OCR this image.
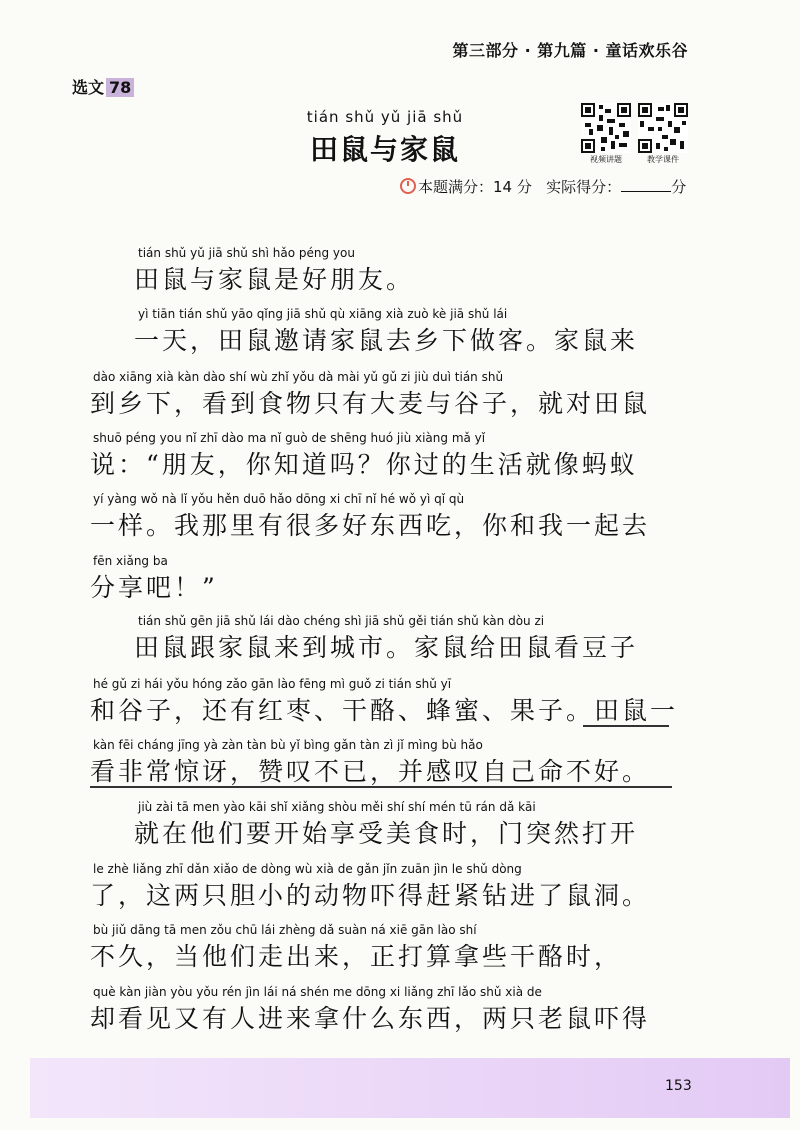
第三部分 · 第九篇 · 童话欢乐谷
选文 78
tián shǔ yǔ jiā shǔ
田鼠与家鼠	视频讲题	教学课件
本题满分：14 分 实际得分：	分
tián shǔ yǔ jiā shǔ shì hǎo péng you
田鼠与家鼠是好朋友。
yì tiān tián shǔ yāo qǐng jiā shǔ qù xiāng xià zuò kè jiā shǔ lái
一天，田鼠邀请家鼠去乡下做客。家鼠来
dào xiāng xià kàn dào shí wù zhǐ yǒu dà mài yǔ gǔ zi jiù duì tián shǔ
到乡下，看到食物只有大麦与谷子，就对田鼠
shuō péng you nǐ zhī dào ma nǐ guò de shēng huó jiù xiàng mǎ yǐ
说：“朋友，你知道吗？你过的生活就像蚂蚁
yí yàng wǒ nà lǐ yǒu hěn duō hǎo dōng xi chī nǐ hé wǒ yì qǐ qù
一样。我那里有很多好东西吃，你和我一起去
fēn xiǎng ba
分享吧！”
tián shǔ gēn jiā shǔ lái dào chéng shì jiā shǔ gěi tián shǔ kàn dòu zi
田鼠跟家鼠来到城市。家鼠给田鼠看豆子
hé gǔ zi hái yǒu hóng zǎo gān lào fēng mì guǒ zi tián shǔ yī
和谷子，还有红枣、干酪、蜂蜜、果子。田鼠一
kàn fēi cháng jīng yà zàn tàn bù yǐ bìng gǎn tàn zì jǐ mìng bù hǎo
看非常惊讶，赞叹不已，并感叹自己命不好。
jiù zài tā men yào kāi shǐ xiǎng shòu měi shí shí mén tū rán dǎ kāi
就在他们要开始享受美食时，门突然打开
le zhè liǎng zhī dǎn xiǎo de dòng wù xià de gǎn jǐn zuān jìn le shǔ dòng
了，这两只胆小的动物吓得赶紧钻进了鼠洞。
bù jiǔ dāng tā men zǒu chū lái zhèng dǎ suàn ná xiē gān lào shí
不久，当他们走出来，正打算拿些干酪时，
què kàn jiàn yòu yǒu rén jìn lái ná shén me dōng xi liǎng zhī lǎo shǔ xià de
却看见又有人进来拿什么东西，两只老鼠吓得
153
